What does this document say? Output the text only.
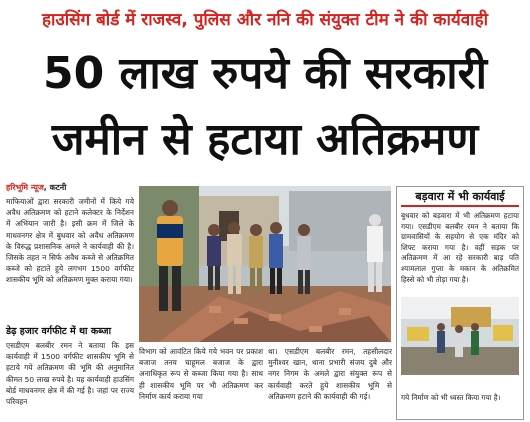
हाउसिंग बोर्ड में राजस्व, पुलिस और ननि की संयुक्त टीम ने की कार्यवाही
50 लाख रुपये की सरकारी
जमीन से हटाया अतिक्रमण
हरिभूमि न्यूज, कटनी
माफियाओं द्वारा सरकारी जमीनों में किये गये अवैध अतिक्रमण को हटाने कलेक्टर के निर्देशन में अभियान जारी है। इसी क्रम में जिले के माधवनगर क्षेत्र में बुधवार को अवैध अतिक्रमण के विरुद्ध प्रशासनिक अमले ने कार्यवाही की है। जिसके तहत न सिर्फ अवैध कब्जे से अतिक्रमित कब्जे को हटाते हुये लगभग 1500 वर्गफीट शासकीय भूमि को अतिक्रमण मुक्त कराया गया।
डेढ़ हजार वर्गफीट में था कब्जा
एसडीएम बलबीर रमन ने बताया कि इस कार्यवाही में 1500 वर्गफीट शासकीय भूमि से हटाये गये अतिक्रमण की भूमि की अनुमानित कीमत 50 लाख रुपये है। यह कार्यवाही हाउसिंग बोर्ड माधवनगर क्षेत्र में की गई है। जहां पर राज्य परिवहन
विभाग को आवंटित किये गये भवन पर प्रकाश बजाज तनय चाहूमल बजाज के द्वारा अनाधिकृत रूप से कब्जा किया गया है। साथ ही शासकीय भूमि पर भी अतिक्रमण कर निर्माण कार्य कराया गया
था। एसडीएम बलबीर रमन, तहसीलदार मुनीश्वर खान, थाना प्रभारी संजय दुबे और नगर निगम के अमले द्वारा संयुक्त रूप से कार्यवाही करते हुये शासकीय भूमि से अतिक्रमण हटाने की कार्यवाही की गई।
बड़वारा में भी कार्यवाई
बुधवार को बड़वारा में भी अतिक्रमण हटाया गया। एसडीएम बलबीर रमन ने बताया कि ग्रामवासियों के सहयोग से एक मंदिर को शिफ्ट कराया गया है। वहीं सड़क पर अतिक्रमण में आ रहे सरकारी बाड़ पति श्यामलाल गुप्ता के मकान के अतिक्रमित हिस्से को भी तोड़ा गया है।
गये निर्माण को भी ध्वस्त किया गया है।
